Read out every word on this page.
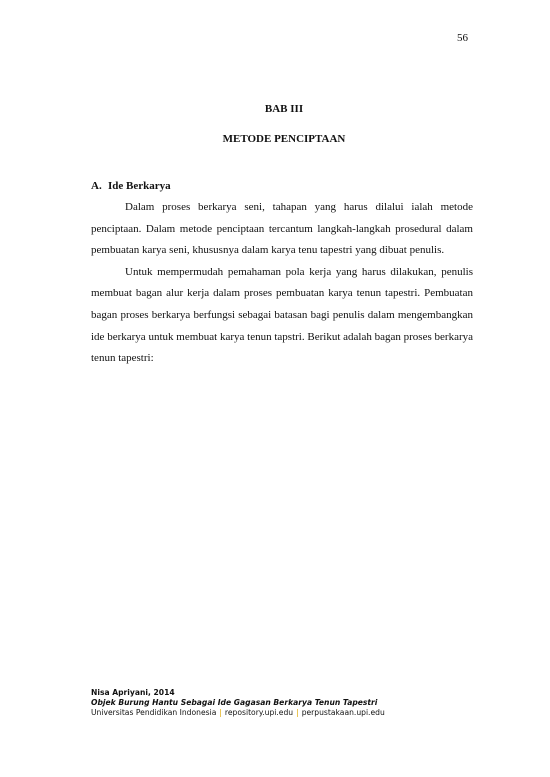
56
BAB III
METODE PENCIPTAAN
A. Ide Berkarya

Dalam proses berkarya seni, tahapan yang harus dilalui ialah metode penciptaan. Dalam metode penciptaan tercantum langkah-langkah prosedural dalam pembuatan karya seni, khususnya dalam karya tenu tapestri yang dibuat penulis.

Untuk mempermudah pemahaman pola kerja yang harus dilakukan, penulis membuat bagan alur kerja dalam proses pembuatan karya tenun tapestri. Pembuatan bagan proses berkarya berfungsi sebagai batasan bagi penulis dalam mengembangkan ide berkarya untuk membuat karya tenun tapstri. Berikut adalah bagan proses berkarya tenun tapestri:

Nisa Apriyani, 2014
Objek Burung Hantu Sebagai Ide Gagasan Berkarya Tenun Tapestri
Universitas Pendidikan Indonesia | repository.upi.edu | perpustakaan.upi.edu
